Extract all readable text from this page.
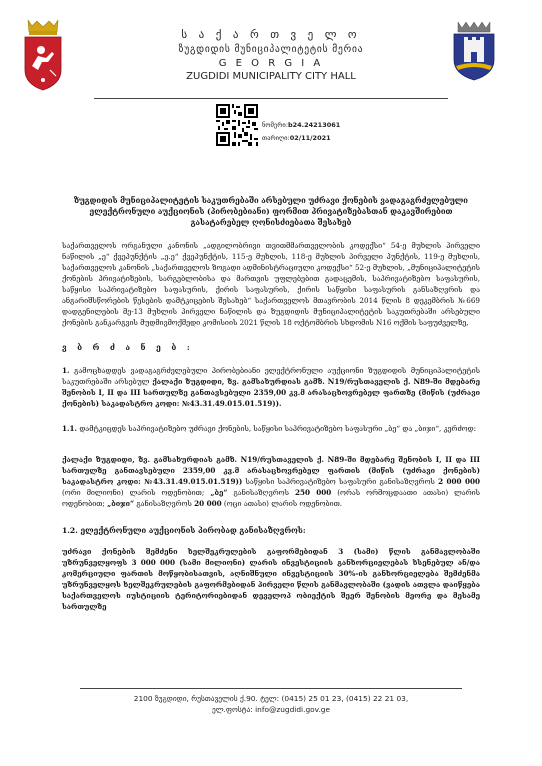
ს ა ქ ა რ თ ვ ე ლ ო
ზუგდიდის მუნიციპალიტეტის მერია
G E O R G I A
ZUGDIDI MUNICIPALITY CITY HALL
ნომერი:b24.24213061
თარიღი:02/11/2021
ზუგდიდის მუნიციპალიტეტის საკუთრებაში არსებული უძრავი ქონების ვადაგაგრძელებული ელექტრონული აუქციონის (პირობებიანი) ფორმით პრივატიზებასთან დაკავშირებით გასატარებელ ღონისძიებათა შესახებ
საქართველოს ორგანული კანონის „ადგილობრივი თვითმმართველობის კოდექსი“ 54-ე მუხლის პირველი ნაწილის „ე“ ქვეპუნქტის „ე.ე“ ქვეპუნქტის, 115-ე მუხლის, 118-ე მუხლის პირველი პუნქტის, 119-ე მუხლის, საქართველოს კანონის „საქართველოს ზოგადი ადმინისტრაციული კოდექსი“ 52-ე მუხლის, „მუნიციპალიტეტის ქონების პრივატიზების, სარგებლობისა და მართვის უფლებებით გადაცემის, საპრივატიზებო საფასურის, საწყისი საპრივატიზებო საფასურის, ქირის საფასურის, ქირის საწყისი საფასურის განსაზღვრის და ანგარიშსწორების წესების დამტკიცების შესახებ“ საქართველოს მთავრობის 2014 წლის 8 დეკემბრის №669 დადგენილების მე-13 მუხლის პირველი ნაწილის და ზუგდიდის მუნიციპალიტეტის საკუთრებაში არსებული ქონების განკარგვის მუდმივმოქმედი კომისიის 2021 წლის 18 ოქტომბრის სხდომის N16 ოქმის საფუძველზე,
ვ ბ რ ძ ა ნ ე ბ :
1. გამოცხადდეს ვადაგაგრძელებული პირობებიანი ელექტრონული აუქციონი ზუგდიდის მუნიციპალიტეტის საკუთრებაში არსებულ ქალაქი ზუგდიდი, ზვ. გამსახურდიას გამზ. N19/რუსთაველის ქ. N89-ში მდებარე შენობის I, II და III სართულზე განთავსებული 2359,00 კვ.მ არასაცხოვრებელ ფართზე (მიწის (უძრავი ქონების) საკადასტრო კოდი: №43.31.49.015.01.519)).
1.1. დამტკიცდეს საპრივატიზებო უძრავი ქონების, საწყისი საპრივატიზებო საფასური „ბე“ და „ბიჯი“, კერძოდ:
ქალაქი ზუგდიდი, ზვ. გამსახურდიას გამზ. N19/რუსთაველის ქ. N89-ში მდებარე შენობის I, II და III სართულზე განთავსებული 2359,00 კვ.მ არასაცხოვრებელ ფართის (მიწის (უძრავი ქონების) საკადასტრო კოდი: №43.31.49.015.01.519)) საწყისი საპრივატიზებო საფასური განისაზღვროს 2 000 000 (ორი მილიონი) ლარის ოდენობით; „ბე“ განისაზღვროს 250 000 (ორას ორმოცდაათი ათასი) ლარის ოდენობით; „ბიჯი“ განისაზღვროს 20 000 (ოცი ათასი) ლარის ოდენობით.
1.2. ელექტრონული აუქციონის პირობად განისაზღვროს:
უძრავი ქონების შემძენი ხელშეკრულების გაფორმებიდან 3 (სამი) წლის განმავლობაში უზრუნველყოფს 3 000 000 (სამი მილიონი) ლარის ინვესტიციის განხორციელებას ხსენებულ ან/და კომერციული ფართის მოწყობისათვის, აღნიშნული ინვესტიციის 30%-ის განხორციელება შემძენმა უზრუნველყოს ხელშეკრულების გაფორმებიდან პირველი წლის განმავლობაში (ვადის ათვლა დაიწყება საქართველოს იუსტიციის ტერიტორიებიდან დეველოპ ობიექტის შეერ შენობის მეორე და მესამე სართულზე
2100 ზუგდიდი, რუსთაველის ქ.90. ტელ: (0415) 25 01 23, (0415) 22 21 03,
ელ.ფოსტა: info@zugdidi.gov.ge
